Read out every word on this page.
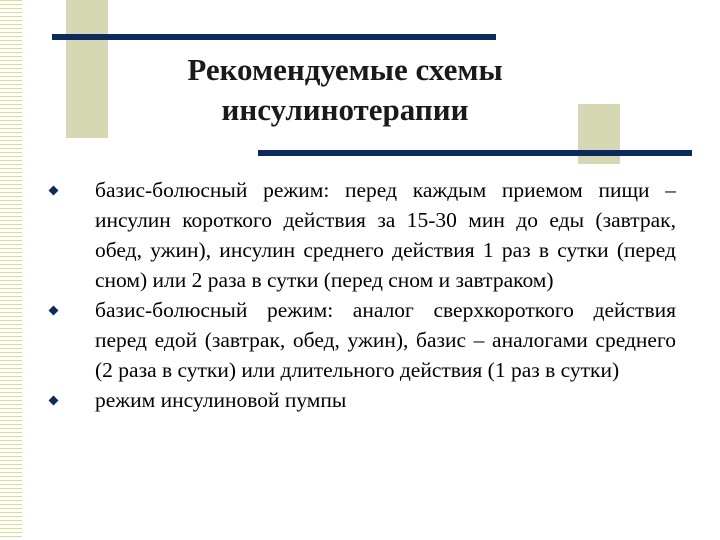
Рекомендуемые схемы
инсулинотерапии
базис-болюсный режим: перед каждым приемом пищи – инсулин короткого действия за 15-30 мин до еды (завтрак, обед, ужин), инсулин среднего действия 1 раз в сутки (перед сном) или 2 раза в сутки (перед сном и завтраком)
базис-болюсный режим: аналог сверхкороткого действия перед едой (завтрак, обед, ужин), базис – аналогами среднего (2 раза в сутки) или длительного действия (1 раз в сутки)
режим инсулиновой пумпы
